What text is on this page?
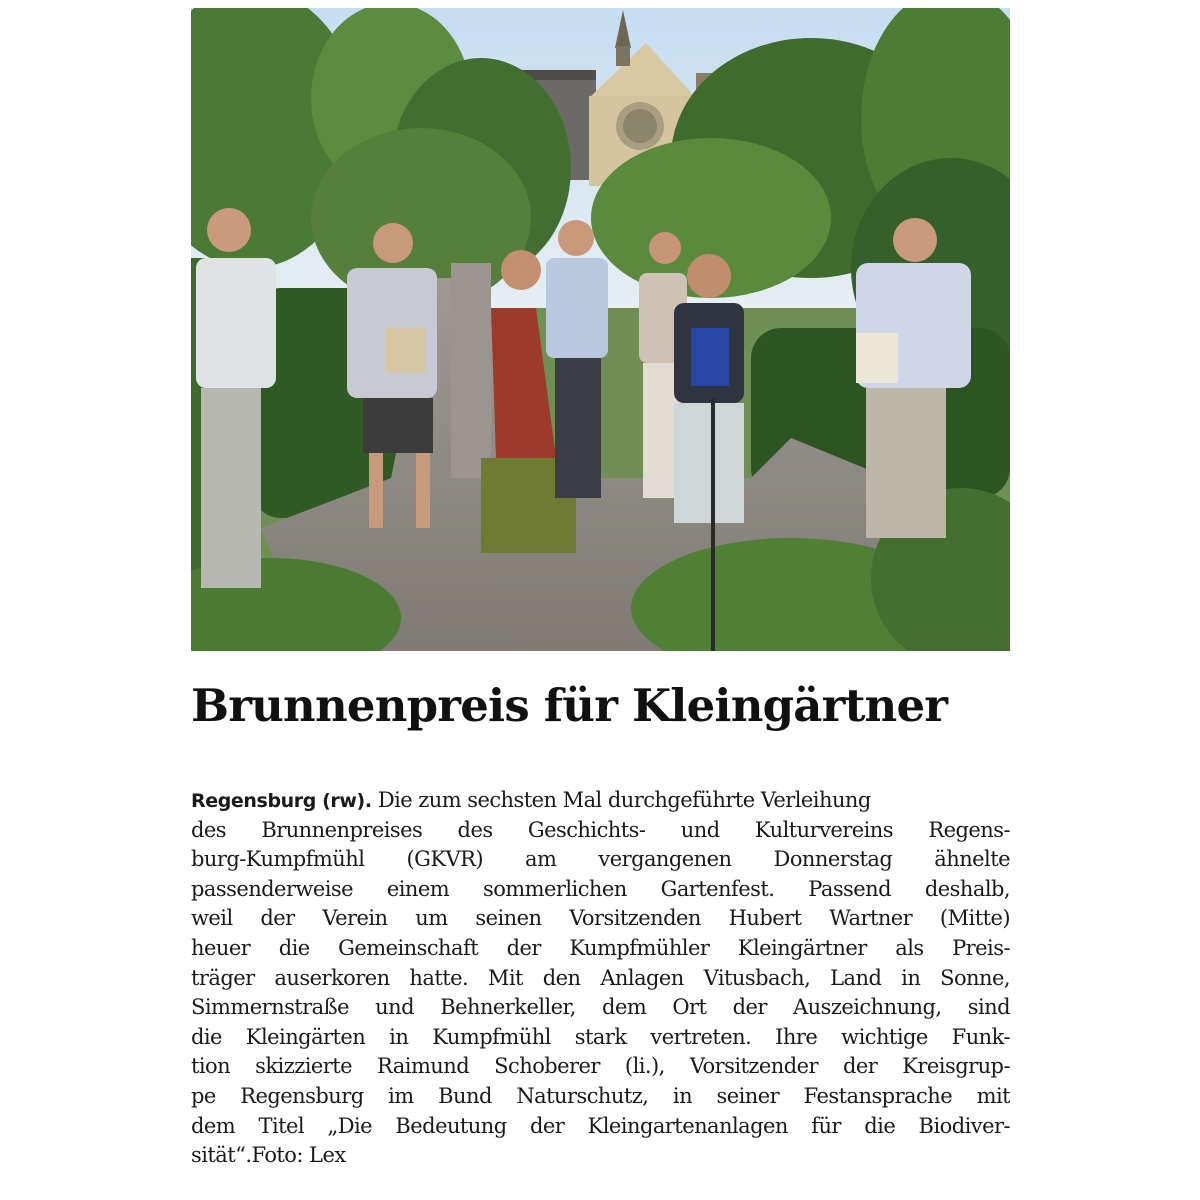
Brunnenpreis für Kleingärtner
Regensburg (rw). Die zum sechsten Mal durchgeführte Verleihung
des Brunnenpreises des Geschichts- und Kulturvereins Regens-
burg-Kumpfmühl (GKVR) am vergangenen Donnerstag ähnelte
passenderweise einem sommerlichen Gartenfest. Passend deshalb,
weil der Verein um seinen Vorsitzenden Hubert Wartner (Mitte)
heuer die Gemeinschaft der Kumpfmühler Kleingärtner als Preis-
träger auserkoren hatte. Mit den Anlagen Vitusbach, Land in Sonne,
Simmernstraße und Behnerkeller, dem Ort der Auszeichnung, sind
die Kleingärten in Kumpfmühl stark vertreten. Ihre wichtige Funk-
tion skizzierte Raimund Schoberer (li.), Vorsitzender der Kreisgrup-
pe Regensburg im Bund Naturschutz, in seiner Festansprache mit
dem Titel „Die Bedeutung der Kleingartenanlagen für die Biodiver-
sität“.Foto: Lex
